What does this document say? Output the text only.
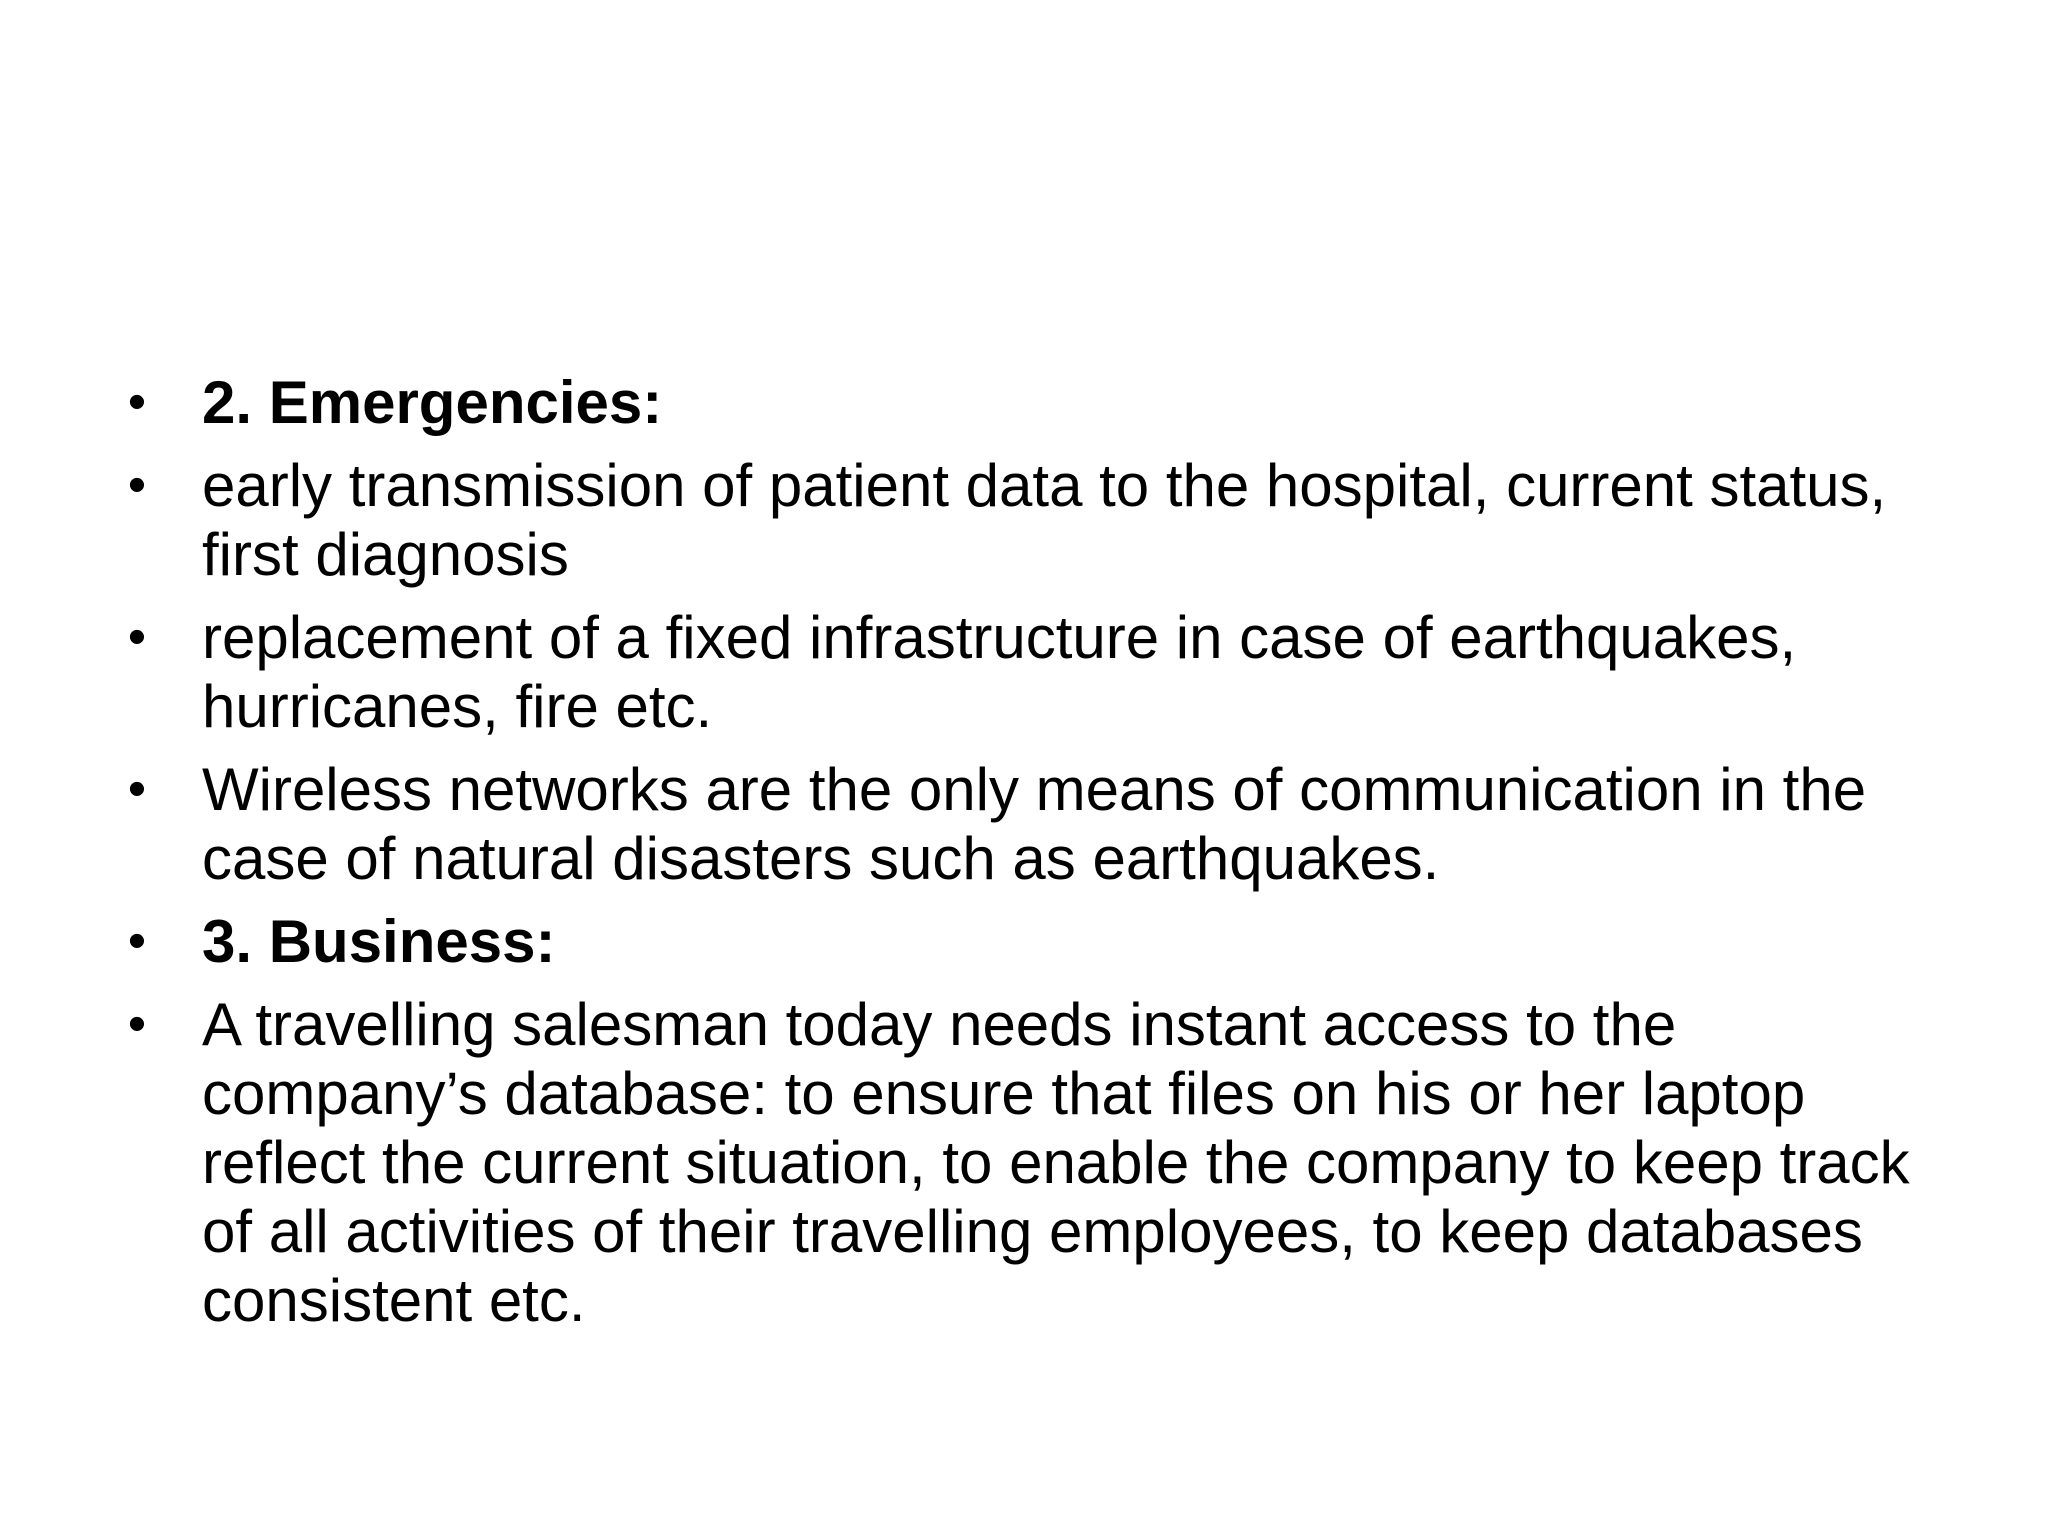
• 2. Emergencies:
• early transmission of patient data to the hospital, current status, first diagnosis
• replacement of a fixed infrastructure in case of earthquakes, hurricanes, fire etc.
• Wireless networks are the only means of communication in the case of natural disasters such as earthquakes.
• 3. Business:
• A travelling salesman today needs instant access to the company’s database: to ensure that files on his or her laptop reflect the current situation, to enable the company to keep track of all activities of their travelling employees, to keep databases consistent etc.
